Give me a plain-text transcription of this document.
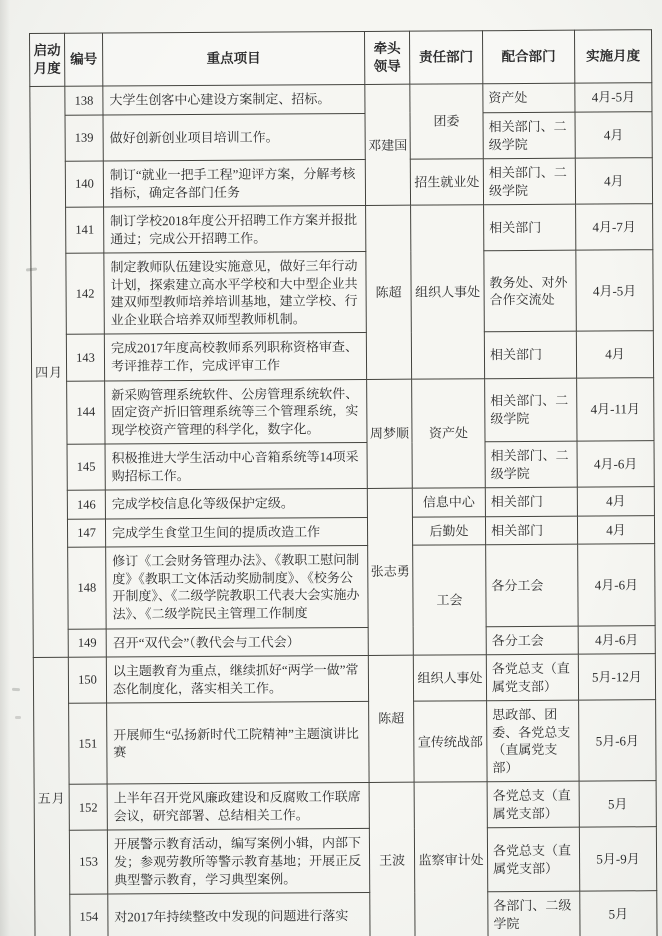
启动月度	编号	重点项目	牵头领导	责任部门	配合部门	实施月度
四月	138	大学生创客中心建设方案制定、招标。	邓建国	团委	资产处	4月-5月
	139	做好创新创业项目培训工作。			相关部门、二级学院	4月
	140	制订“就业一把手工程”迎评方案，分解考核指标，确定各部门任务		招生就业处	相关部门、二级学院	4月
	141	制订学校2018年度公开招聘工作方案并报批通过；完成公开招聘工作。	陈超	组织人事处	相关部门	4月-7月
	142	制定教师队伍建设实施意见，做好三年行动计划，探索建立高水平学校和大中型企业共建双师型教师培养培训基地，建立学校、行业企业联合培养双师型教师机制。			教务处、对外合作交流处	4月-5月
	143	完成2017年度高校教师系列职称资格审查、考评推荐工作，完成评审工作			相关部门	4月
	144	新采购管理系统软件、公房管理系统软件、固定资产折旧管理系统等三个管理系统，实现学校资产管理的科学化，数字化。	周梦顺	资产处	相关部门、二级学院	4月-11月
	145	积极推进大学生活动中心音箱系统等14项采购招标工作。			相关部门、二级学院	4月-6月
	146	完成学校信息化等级保护定级。	张志勇	信息中心	相关部门	4月
	147	完成学生食堂卫生间的提质改造工作		后勤处	相关部门	4月
	148	修订《工会财务管理办法》、《教职工慰问制度》《教职工文体活动奖励制度》、《校务公开制度》、《二级学院教职工代表大会实施办法》、《二级学院民主管理工作制度		工会	各分工会	4月-6月
	149	召开“双代会”（教代会与工代会）			各分工会	4月-6月
五月	150	以主题教育为重点，继续抓好“两学一做”常态化制度化，落实相关工作。	陈超	组织人事处	各党总支（直属党支部）	5月-12月
	151	开展师生“弘扬新时代工院精神”主题演讲比赛		宣传统战部	思政部、团委、各党总支（直属党支部）	5月-6月
	152	上半年召开党风廉政建设和反腐败工作联席会议，研究部署、总结相关工作。	王波	监察审计处	各党总支（直属党支部）	5月
	153	开展警示教育活动，编写案例小辑，内部下发；参观劳教所等警示教育基地；开展正反典型警示教育，学习典型案例。			各党总支（直属党支部）	5月-9月
	154	对2017年持续整改中发现的问题进行落实			各部门、二级学院	5月
